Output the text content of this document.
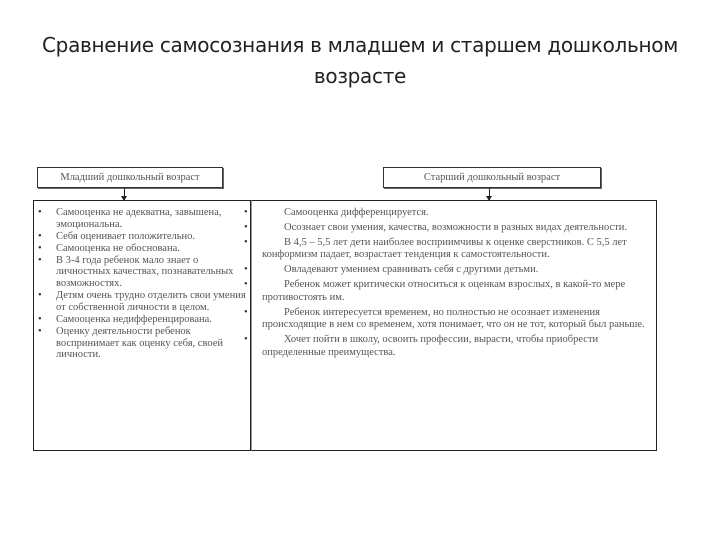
Сравнение самосознания в младшем и старшем дошкольном возрасте
Младший дошкольный возраст
• Самооценка не адекватна, завышена, эмоциональна.
• Себя оценивает положительно.
• Самооценка не обоснована.
• В 3-4 года ребенок мало знает о личностных качествах, познавательных возможностях.
• Детям очень трудно отделить свои умения от собственной личности в целом.
• Самооценка недифференцирована.
• Оценку деятельности ребенок воспринимает как оценку себя, своей личности.
Старший дошкольный возраст
• Самооценка дифференцируется.
• Осознает свои умения, качества, возможности в разных видах деятельности.
• В 4,5 – 5,5 лет дети наиболее восприимчивы к оценке сверстников. С 5,5 лет конформизм падает, возрастает тенденция к самостоятельности.
• Овладевают умением сравнивать себя с другими детьми.
• Ребенок может критически относиться к оценкам взрослых, в какой-то мере противостоять им.
• Ребенок интересуется временем, но полностью не осознает изменения происходящие в нем со временем, хотя понимает, что он не тот, который был раньше.
• Хочет пойти в школу, освоить профессии, вырасти, чтобы приобрести определенные преимущества.
